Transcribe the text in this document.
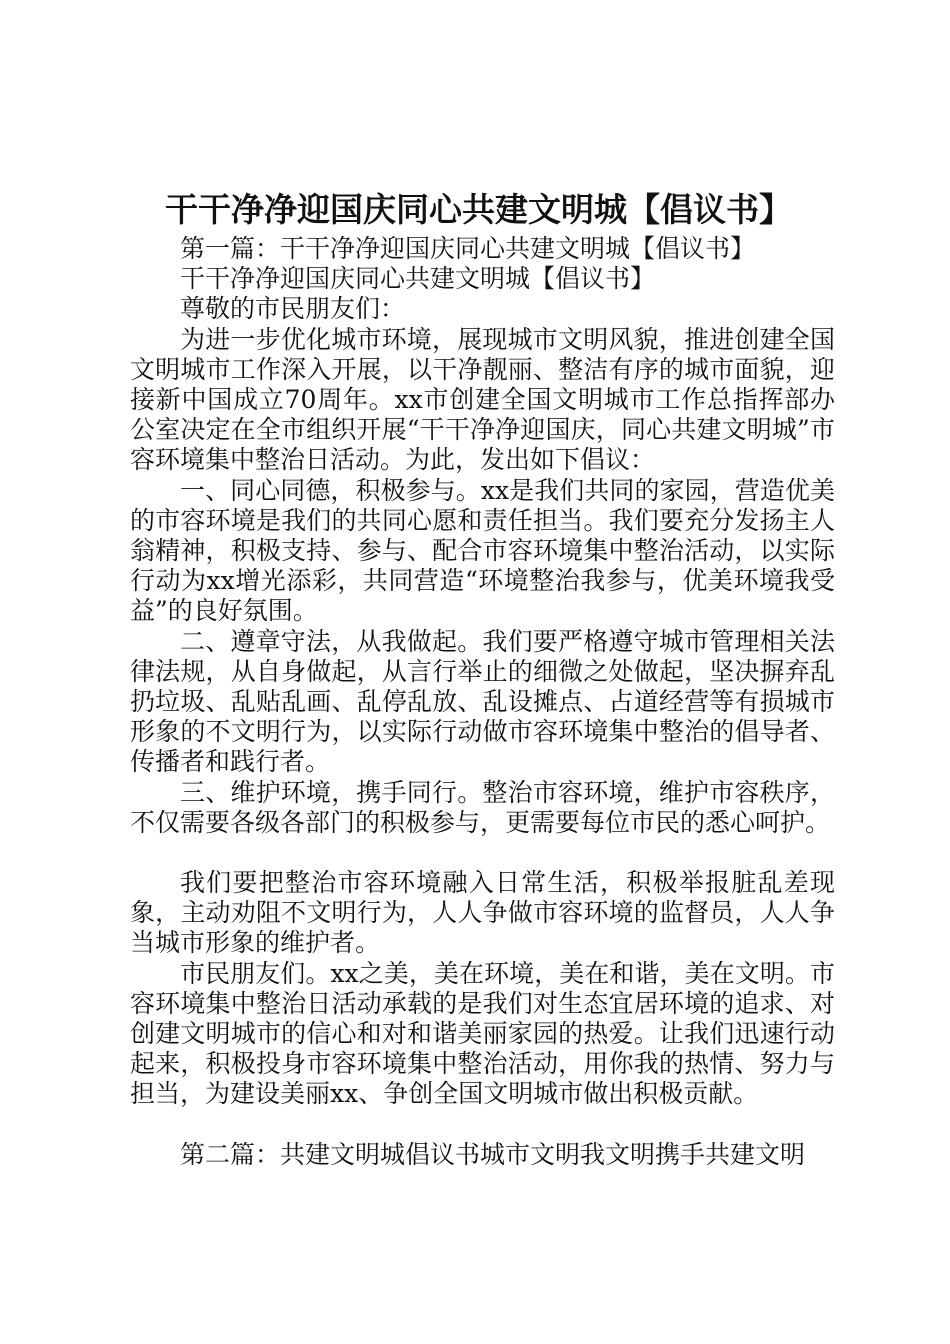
干干净净迎国庆同心共建文明城【倡议书】

第一篇：干干净净迎国庆同心共建文明城【倡议书】

干干净净迎国庆同心共建文明城【倡议书】

尊敬的市民朋友们：

为进一步优化城市环境，展现城市文明风貌，推进创建全国文明城市工作深入开展，以干净靓丽、整洁有序的城市面貌，迎接新中国成立70周年。xx市创建全国文明城市工作总指挥部办公室决定在全市组织开展“干干净净迎国庆，同心共建文明城”市容环境集中整治日活动。为此，发出如下倡议：

一、同心同德，积极参与。xx是我们共同的家园，营造优美的市容环境是我们的共同心愿和责任担当。我们要充分发扬主人翁精神，积极支持、参与、配合市容环境集中整治活动，以实际行动为xx增光添彩，共同营造“环境整治我参与，优美环境我受益”的良好氛围。

二、遵章守法，从我做起。我们要严格遵守城市管理相关法律法规，从自身做起，从言行举止的细微之处做起，坚决摒弃乱扔垃圾、乱贴乱画、乱停乱放、乱设摊点、占道经营等有损城市形象的不文明行为，以实际行动做市容环境集中整治的倡导者、传播者和践行者。

三、维护环境，携手同行。整治市容环境，维护市容秩序，不仅需要各级各部门的积极参与，更需要每位市民的悉心呵护。

我们要把整治市容环境融入日常生活，积极举报脏乱差现象，主动劝阻不文明行为，人人争做市容环境的监督员，人人争当城市形象的维护者。

市民朋友们。xx之美，美在环境，美在和谐，美在文明。市容环境集中整治日活动承载的是我们对生态宜居环境的追求、对创建文明城市的信心和对和谐美丽家园的热爱。让我们迅速行动起来，积极投身市容环境集中整治活动，用你我的热情、努力与担当，为建设美丽xx、争创全国文明城市做出积极贡献。

第二篇：共建文明城倡议书城市文明我文明携手共建文明
